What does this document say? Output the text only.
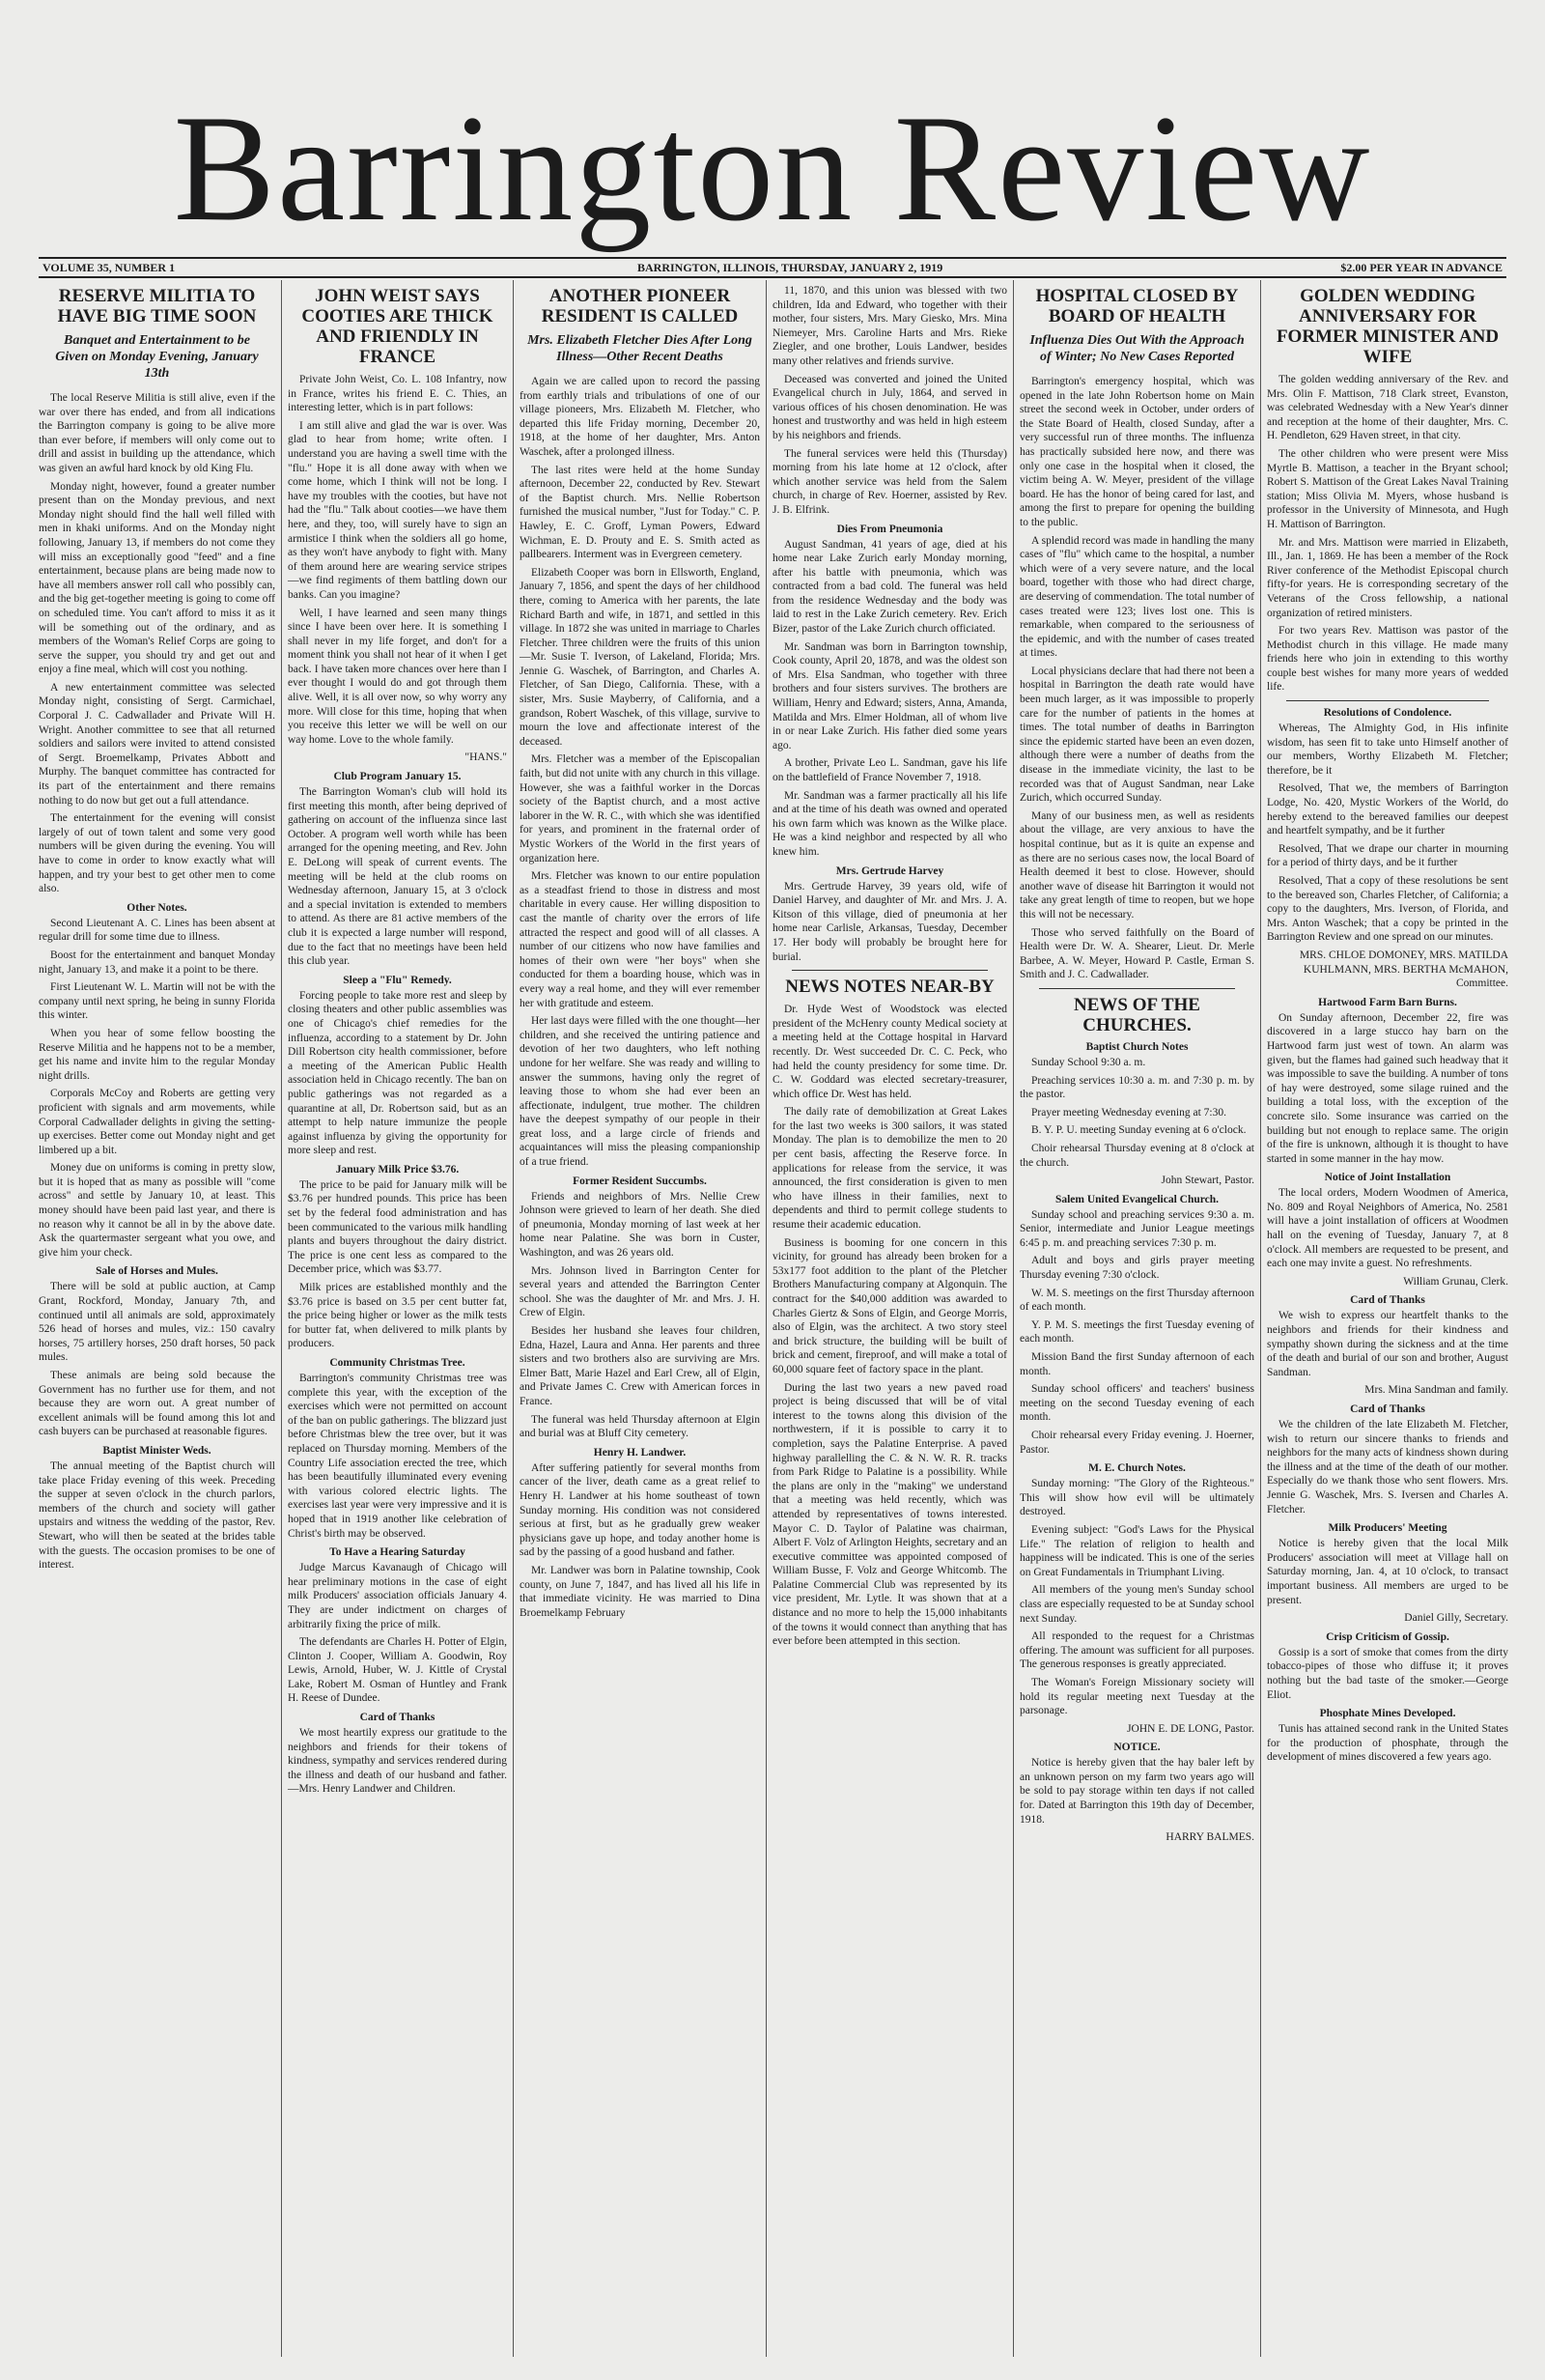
Barrington Review
VOLUME 35, NUMBER 1	BARRINGTON, ILLINOIS, THURSDAY, JANUARY 2, 1919	$2.00 PER YEAR IN ADVANCE
RESERVE MILITIA TO HAVE BIG TIME SOON
Banquet and Entertainment to be Given on Monday Evening, January 13th

The local Reserve Militia is still alive, even if the war over there has ended, and from all indications the Barrington company is going to be alive more than ever before, if members will only come out to drill and assist in building up the attendance, which was given an awful hard knock by old King Flu.

Monday night, however, found a greater number present than on the Monday previous, and next Monday night should find the hall well filled with men in khaki uniforms. And on the Monday night following, January 13, if members do not come they will miss an exceptionally good "feed" and a fine entertainment, because plans are being made now to have all members answer roll call who possibly can, and the big get-together meeting is going to come off on scheduled time. You can't afford to miss it as it will be something out of the ordinary, and as members of the Woman's Relief Corps are going to serve the supper, you should try and get out and enjoy a fine meal, which will cost you nothing.

A new entertainment committee was selected Monday night, consisting of Sergt. Carmichael, Corporal J. C. Cadwallader and Private Will H. Wright. Another committee to see that all returned soldiers and sailors were invited to attend consisted of Sergt. Broemelkamp, Privates Abbott and Murphy. The banquet committee has contracted for its part of the entertainment and there remains nothing to do now but get out a full attendance.

The entertainment for the evening will consist largely of out of town talent and some very good numbers will be given during the evening. You will have to come in order to know exactly what will happen, and try your best to get other men to come also.

Other Notes.

Second Lieutenant A. C. Lines has been absent at regular drill for some time due to illness.

Boost for the entertainment and banquet Monday night, January 13, and make it a point to be there.

First Lieutenant W. L. Martin will not be with the company until next spring, he being in sunny Florida this winter.

When you hear of some fellow boosting the Reserve Militia and he happens not to be a member, get his name and invite him to the regular Monday night drills.

Corporals McCoy and Roberts are getting very proficient with signals and arm movements, while Corporal Cadwallader delights in giving the setting-up exercises. Better come out Monday night and get limbered up a bit.

Money due on uniforms is coming in pretty slow, but it is hoped that as many as possible will "come across" and settle by January 10, at least. This money should have been paid last year, and there is no reason why it cannot be all in by the above date. Ask the quartermaster sergeant what you owe, and give him your check.

Sale of Horses and Mules.

There will be sold at public auction, at Camp Grant, Rockford, Monday, January 7th, and continued until all animals are sold, approximately 526 head of horses and mules, viz.: 150 cavalry horses, 75 artillery horses, 250 draft horses, 50 pack mules.

These animals are being sold because the Government has no further use for them, and not because they are worn out. A great number of excellent animals will be found among this lot and cash buyers can be purchased at reasonable figures.

Baptist Minister Weds.

The annual meeting of the Baptist church will take place Friday evening of this week. Preceding the supper at seven o'clock in the church parlors, members of the church and society will gather upstairs and witness the wedding of the pastor, Rev. Stewart, who will then be seated at the brides table with the guests. The occasion promises to be one of interest.

JOHN WEIST SAYS COOTIES ARE THICK AND FRIENDLY IN FRANCE

Private John Weist, Co. L. 108 Infantry, now in France, writes his friend E. C. Thies, an interesting letter, which is in part follows:

I am still alive and glad the war is over. Was glad to hear from home; write often. I understand you are having a swell time with the "flu." Hope it is all done away with when we come home, which I think will not be long. I have my troubles with the cooties, but have not had the "flu." Talk about cooties—we have them here, and they, too, will surely have to sign an armistice I think when the soldiers all go home, as they won't have anybody to fight with. Many of them around here are wearing service stripes—we find regiments of them battling down our banks. Can you imagine?

Well, I have learned and seen many things since I have been over here. It is something I shall never in my life forget, and don't for a moment think you shall not hear of it when I get back. I have taken more chances over here than I ever thought I would do and got through them alive. Well, it is all over now, so why worry any more. Will close for this time, hoping that when you receive this letter we will be well on our way home. Love to the whole family.

"HANS."

Club Program January 15.

The Barrington Woman's club will hold its first meeting this month, after being deprived of gathering on account of the influenza since last October. A program well worth while has been arranged for the opening meeting, and Rev. John E. DeLong will speak of current events. The meeting will be held at the club rooms on Wednesday afternoon, January 15, at 3 o'clock and a special invitation is extended to members to attend. As there are 81 active members of the club it is expected a large number will respond, due to the fact that no meetings have been held this club year.

Sleep a "Flu" Remedy.

Forcing people to take more rest and sleep by closing theaters and other public assemblies was one of Chicago's chief remedies for the influenza, according to a statement by Dr. John Dill Robertson city health commissioner, before a meeting of the American Public Health association held in Chicago recently. The ban on public gatherings was not regarded as a quarantine at all, Dr. Robertson said, but as an attempt to help nature immunize the people against influenza by giving the opportunity for more sleep and rest.

January Milk Price $3.76.

The price to be paid for January milk will be $3.76 per hundred pounds. This price has been set by the federal food administration and has been communicated to the various milk handling plants and buyers throughout the dairy district. The price is one cent less as compared to the December price, which was $3.77.

Milk prices are established monthly and the $3.76 price is based on 3.5 per cent butter fat, the price being higher or lower as the milk tests for butter fat, when delivered to milk plants by producers.

Community Christmas Tree.

Barrington's community Christmas tree was complete this year, with the exception of the exercises which were not permitted on account of the ban on public gatherings. The blizzard just before Christmas blew the tree over, but it was replaced on Thursday morning. Members of the Country Life association erected the tree, which has been beautifully illuminated every evening with various colored electric lights. The exercises last year were very impressive and it is hoped that in 1919 another like celebration of Christ's birth may be observed.

To Have a Hearing Saturday

Judge Marcus Kavanaugh of Chicago will hear preliminary motions in the case of eight milk Producers' association officials January 4. They are under indictment on charges of arbitrarily fixing the price of milk.

The defendants are Charles H. Potter of Elgin, Clinton J. Cooper, William A. Goodwin, Roy Lewis, Arnold, Huber, W. J. Kittle of Crystal Lake, Robert M. Osman of Huntley and Frank H. Reese of Dundee.

Card of Thanks

We most heartily express our gratitude to the neighbors and friends for their tokens of kindness, sympathy and services rendered during the illness and death of our husband and father.—Mrs. Henry Landwer and Children.

ANOTHER PIONEER RESIDENT IS CALLED
Mrs. Elizabeth Fletcher Dies After Long Illness—Other Recent Deaths

Again we are called upon to record the passing from earthly trials and tribulations of one of our village pioneers, Mrs. Elizabeth M. Fletcher, who departed this life Friday morning, December 20, 1918, at the home of her daughter, Mrs. Anton Waschek, after a prolonged illness.

The last rites were held at the home Sunday afternoon, December 22, conducted by Rev. Stewart of the Baptist church. Mrs. Nellie Robertson furnished the musical number, "Just for Today." C. P. Hawley, E. C. Groff, Lyman Powers, Edward Wichman, E. D. Prouty and E. S. Smith acted as pallbearers. Interment was in Evergreen cemetery.

Elizabeth Cooper was born in Ellsworth, England, January 7, 1856, and spent the days of her childhood there, coming to America with her parents, the late Richard Barth and wife, in 1871, and settled in this village. In 1872 she was united in marriage to Charles Fletcher. Three children were the fruits of this union—Mr. Susie T. Iverson, of Lakeland, Florida; Mrs. Jennie G. Waschek, of Barrington, and Charles A. Fletcher, of San Diego, California. These, with a sister, Mrs. Susie Mayberry, of California, and a grandson, Robert Waschek, of this village, survive to mourn the love and affectionate interest of the deceased.

Mrs. Fletcher was a member of the Episcopalian faith, but did not unite with any church in this village. However, she was a faithful worker in the Dorcas society of the Baptist church, and a most active laborer in the W. R. C., with which she was identified for years, and prominent in the fraternal order of Mystic Workers of the World in the first years of organization here.

Mrs. Fletcher was known to our entire population as a steadfast friend to those in distress and most charitable in every cause. Her willing disposition to cast the mantle of charity over the errors of life attracted the respect and good will of all classes. A number of our citizens who now have families and homes of their own were "her boys" when she conducted for them a boarding house, which was in every way a real home, and they will ever remember her with gratitude and esteem.

Her last days were filled with the one thought—her children, and she received the untiring patience and devotion of her two daughters, who left nothing undone for her welfare. She was ready and willing to answer the summons, having only the regret of leaving those to whom she had ever been an affectionate, indulgent, true mother. The children have the deepest sympathy of our people in their great loss, and a large circle of friends and acquaintances will miss the pleasing companionship of a true friend.

Former Resident Succumbs.

Friends and neighbors of Mrs. Nellie Crew Johnson were grieved to learn of her death. She died of pneumonia, Monday morning of last week at her home near Palatine. She was born in Custer, Washington, and was 26 years old.

Mrs. Johnson lived in Barrington Center for several years and attended the Barrington Center school. She was the daughter of Mr. and Mrs. J. H. Crew of Elgin.

Besides her husband she leaves four children, Edna, Hazel, Laura and Anna. Her parents and three sisters and two brothers also are surviving are Mrs. Elmer Batt, Marie Hazel and Earl Crew, all of Elgin, and Private James C. Crew with American forces in France.

The funeral was held Thursday afternoon at Elgin and burial was at Bluff City cemetery.

Henry H. Landwer.

After suffering patiently for several months from cancer of the liver, death came as a great relief to Henry H. Landwer at his home southeast of town Sunday morning. His condition was not considered serious at first, but as he gradually grew weaker physicians gave up hope, and today another home is sad by the passing of a good husband and father.

Mr. Landwer was born in Palatine township, Cook county, on June 7, 1847, and has lived all his life in that immediate vicinity. He was married to Dina Broemelkamp February

11, 1870, and this union was blessed with two children, Ida and Edward, who together with their mother, four sisters, Mrs. Mary Giesko, Mrs. Mina Niemeyer, Mrs. Caroline Harts and Mrs. Rieke Ziegler, and one brother, Louis Landwer, besides many other relatives and friends survive.

Deceased was converted and joined the United Evangelical church in July, 1864, and served in various offices of his chosen denomination. He was honest and trustworthy and was held in high esteem by his neighbors and friends.

The funeral services were held this (Thursday) morning from his late home at 12 o'clock, after which another service was held from the Salem church, in charge of Rev. Hoerner, assisted by Rev. J. B. Elfrink.

Dies From Pneumonia

August Sandman, 41 years of age, died at his home near Lake Zurich early Monday morning, after his battle with pneumonia, which was contracted from a bad cold. The funeral was held from the residence Wednesday and the body was laid to rest in the Lake Zurich cemetery. Rev. Erich Bizer, pastor of the Lake Zurich church officiated.

Mr. Sandman was born in Barrington township, Cook county, April 20, 1878, and was the oldest son of Mrs. Elsa Sandman, who together with three brothers and four sisters survives. The brothers are William, Henry and Edward; sisters, Anna, Amanda, Matilda and Mrs. Elmer Holdman, all of whom live in or near Lake Zurich. His father died some years ago.

A brother, Private Leo L. Sandman, gave his life on the battlefield of France November 7, 1918.

Mr. Sandman was a farmer practically all his life and at the time of his death was owned and operated his own farm which was known as the Wilke place. He was a kind neighbor and respected by all who knew him.

Mrs. Gertrude Harvey

Mrs. Gertrude Harvey, 39 years old, wife of Daniel Harvey, and daughter of Mr. and Mrs. J. A. Kitson of this village, died of pneumonia at her home near Carlisle, Arkansas, Tuesday, December 17. Her body will probably be brought here for burial.

NEWS NOTES NEAR-BY

Dr. Hyde West of Woodstock was elected president of the McHenry county Medical society at a meeting held at the Cottage hospital in Harvard recently. Dr. West succeeded Dr. C. C. Peck, who had held the county presidency for some time. Dr. C. W. Goddard was elected secretary-treasurer, which office Dr. West has held.

The daily rate of demobilization at Great Lakes for the last two weeks is 300 sailors, it was stated Monday. The plan is to demobilize the men to 20 per cent basis, affecting the Reserve force. In applications for release from the service, it was announced, the first consideration is given to men who have illness in their families, next to dependents and third to permit college students to resume their academic education.

Business is booming for one concern in this vicinity, for ground has already been broken for a 53x177 foot addition to the plant of the Pletcher Brothers Manufacturing company at Algonquin. The contract for the $40,000 addition was awarded to Charles Giertz & Sons of Elgin, and George Morris, also of Elgin, was the architect. A two story steel and brick structure, the building will be built of brick and cement, fireproof, and will make a total of 60,000 square feet of factory space in the plant.

During the last two years a new paved road project is being discussed that will be of vital interest to the towns along this division of the northwestern, if it is possible to carry it to completion, says the Palatine Enterprise. A paved highway parallelling the C. & N. W. R. R. tracks from Park Ridge to Palatine is a possibility. While the plans are only in the "making" we understand that a meeting was held recently, which was attended by representatives of towns interested. Mayor C. D. Taylor of Palatine was chairman, Albert F. Volz of Arlington Heights, secretary and an executive committee was appointed composed of William Busse, F. Volz and George Whitcomb. The Palatine Commercial Club was represented by its vice president, Mr. Lytle. It was shown that at a distance and no more to help the 15,000 inhabitants of the towns it would connect than anything that has ever before been attempted in this section.

HOSPITAL CLOSED BY BOARD OF HEALTH
Influenza Dies Out With the Approach of Winter; No New Cases Reported

Barrington's emergency hospital, which was opened in the late John Robertson home on Main street the second week in October, under orders of the State Board of Health, closed Sunday, after a very successful run of three months. The influenza has practically subsided here now, and there was only one case in the hospital when it closed, the victim being A. W. Meyer, president of the village board. He has the honor of being cared for last, and among the first to prepare for opening the building to the public.

A splendid record was made in handling the many cases of "flu" which came to the hospital, a number which were of a very severe nature, and the local board, together with those who had direct charge, are deserving of commendation. The total number of cases treated were 123; lives lost one. This is remarkable, when compared to the seriousness of the epidemic, and with the number of cases treated at times.

Local physicians declare that had there not been a hospital in Barrington the death rate would have been much larger, as it was impossible to properly care for the number of patients in the homes at times. The total number of deaths in Barrington since the epidemic started have been an even dozen, although there were a number of deaths from the disease in the immediate vicinity, the last to be recorded was that of August Sandman, near Lake Zurich, which occurred Sunday.

Many of our business men, as well as residents about the village, are very anxious to have the hospital continue, but as it is quite an expense and as there are no serious cases now, the local Board of Health deemed it best to close. However, should another wave of disease hit Barrington it would not take any great length of time to reopen, but we hope this will not be necessary.

Those who served faithfully on the Board of Health were Dr. W. A. Shearer, Lieut. Dr. Merle Barbee, A. W. Meyer, Howard P. Castle, Erman S. Smith and J. C. Cadwallader.

NEWS OF THE CHURCHES.
Baptist Church Notes

Sunday School 9:30 a. m.

Preaching services 10:30 a. m. and 7:30 p. m. by the pastor.

Prayer meeting Wednesday evening at 7:30.

B. Y. P. U. meeting Sunday evening at 6 o'clock.

Choir rehearsal Thursday evening at 8 o'clock at the church.

John Stewart, Pastor.

Salem United Evangelical Church.

Sunday school and preaching services 9:30 a. m. Senior, intermediate and Junior League meetings 6:45 p. m. and preaching services 7:30 p. m.

Adult and boys and girls prayer meeting Thursday evening 7:30 o'clock.

W. M. S. meetings on the first Thursday afternoon of each month.

Y. P. M. S. meetings the first Tuesday evening of each month.

Mission Band the first Sunday afternoon of each month.

Sunday school officers' and teachers' business meeting on the second Tuesday evening of each month.

Choir rehearsal every Friday evening. J. Hoerner, Pastor.

M. E. Church Notes.

Sunday morning: "The Glory of the Righteous." This will show how evil will be ultimately destroyed.

Evening subject: "God's Laws for the Physical Life." The relation of religion to health and happiness will be indicated. This is one of the series on Great Fundamentals in Triumphant Living.

All members of the young men's Sunday school class are especially requested to be at Sunday school next Sunday.

All responded to the request for a Christmas offering. The amount was sufficient for all purposes. The generous responses is greatly appreciated.

The Woman's Foreign Missionary society will hold its regular meeting next Tuesday at the parsonage.

JOHN E. DE LONG, Pastor.

NOTICE.

Notice is hereby given that the hay baler left by an unknown person on my farm two years ago will be sold to pay storage within ten days if not called for. Dated at Barrington this 19th day of December, 1918.

HARRY BALMES.

GOLDEN WEDDING ANNIVERSARY FOR FORMER MINISTER AND WIFE

The golden wedding anniversary of the Rev. and Mrs. Olin F. Mattison, 718 Clark street, Evanston, was celebrated Wednesday with a New Year's dinner and reception at the home of their daughter, Mrs. C. H. Pendleton, 629 Haven street, in that city.

The other children who were present were Miss Myrtle B. Mattison, a teacher in the Bryant school; Robert S. Mattison of the Great Lakes Naval Training station; Miss Olivia M. Myers, whose husband is professor in the University of Minnesota, and Hugh H. Mattison of Barrington.

Mr. and Mrs. Mattison were married in Elizabeth, Ill., Jan. 1, 1869. He has been a member of the Rock River conference of the Methodist Episcopal church fifty-for years. He is corresponding secretary of the Veterans of the Cross fellowship, a national organization of retired ministers.

For two years Rev. Mattison was pastor of the Methodist church in this village. He made many friends here who join in extending to this worthy couple best wishes for many more years of wedded life.

Resolutions of Condolence.

Whereas, The Almighty God, in His infinite wisdom, has seen fit to take unto Himself another of our members, Worthy Elizabeth M. Fletcher; therefore, be it

Resolved, That we, the members of Barrington Lodge, No. 420, Mystic Workers of the World, do hereby extend to the bereaved families our deepest and heartfelt sympathy, and be it further

Resolved, That we drape our charter in mourning for a period of thirty days, and be it further

Resolved, That a copy of these resolutions be sent to the bereaved son, Charles Fletcher, of California; a copy to the daughters, Mrs. Iverson, of Florida, and Mrs. Anton Waschek; that a copy be printed in the Barrington Review and one spread on our minutes.

MRS. CHLOE DOMONEY, MRS. MATILDA KUHLMANN, MRS. BERTHA McMAHON, Committee.

Hartwood Farm Barn Burns.

On Sunday afternoon, December 22, fire was discovered in a large stucco hay barn on the Hartwood farm just west of town. An alarm was given, but the flames had gained such headway that it was impossible to save the building. A number of tons of hay were destroyed, some silage ruined and the building a total loss, with the exception of the concrete silo. Some insurance was carried on the building but not enough to replace same. The origin of the fire is unknown, although it is thought to have started in some manner in the hay mow.

Notice of Joint Installation

The local orders, Modern Woodmen of America, No. 809 and Royal Neighbors of America, No. 2581 will have a joint installation of officers at Woodmen hall on the evening of Tuesday, January 7, at 8 o'clock. All members are requested to be present, and each one may invite a guest. No refreshments.

William Grunau, Clerk.

Card of Thanks

We wish to express our heartfelt thanks to the neighbors and friends for their kindness and sympathy shown during the sickness and at the time of the death and burial of our son and brother, August Sandman.

Mrs. Mina Sandman and family.

Card of Thanks

We the children of the late Elizabeth M. Fletcher, wish to return our sincere thanks to friends and neighbors for the many acts of kindness shown during the illness and at the time of the death of our mother. Especially do we thank those who sent flowers. Mrs. Jennie G. Waschek, Mrs. S. Iversen and Charles A. Fletcher.

Milk Producers' Meeting

Notice is hereby given that the local Milk Producers' association will meet at Village hall on Saturday morning, Jan. 4, at 10 o'clock, to transact important business. All members are urged to be present.

Daniel Gilly, Secretary.

Crisp Criticism of Gossip.

Gossip is a sort of smoke that comes from the dirty tobacco-pipes of those who diffuse it; it proves nothing but the bad taste of the smoker.—George Eliot.

Phosphate Mines Developed.

Tunis has attained second rank in the United States for the production of phosphate, through the development of mines discovered a few years ago.
